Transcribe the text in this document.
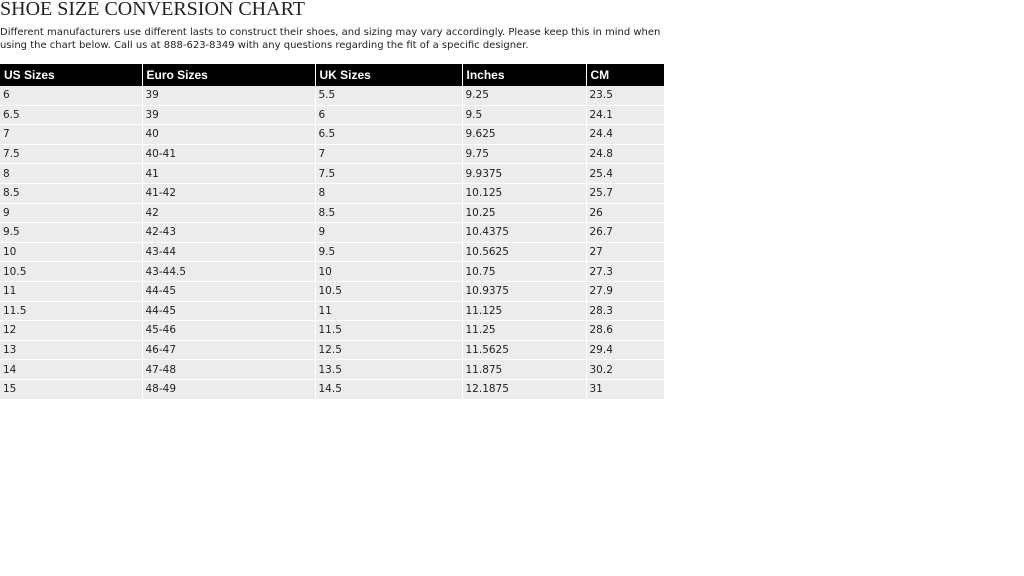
SHOE SIZE CONVERSION CHART

Different manufacturers use different lasts to construct their shoes, and sizing may vary accordingly. Please keep this in mind when using the chart below. Call us at 888-623-8349 with any questions regarding the fit of a specific designer.

US Sizes	Euro Sizes	UK Sizes	Inches	CM
6	39	5.5	9.25	23.5
6.5	39	6	9.5	24.1
7	40	6.5	9.625	24.4
7.5	40-41	7	9.75	24.8
8	41	7.5	9.9375	25.4
8.5	41-42	8	10.125	25.7
9	42	8.5	10.25	26
9.5	42-43	9	10.4375	26.7
10	43-44	9.5	10.5625	27
10.5	43-44.5	10	10.75	27.3
11	44-45	10.5	10.9375	27.9
11.5	44-45	11	11.125	28.3
12	45-46	11.5	11.25	28.6
13	46-47	12.5	11.5625	29.4
14	47-48	13.5	11.875	30.2
15	48-49	14.5	12.1875	31
